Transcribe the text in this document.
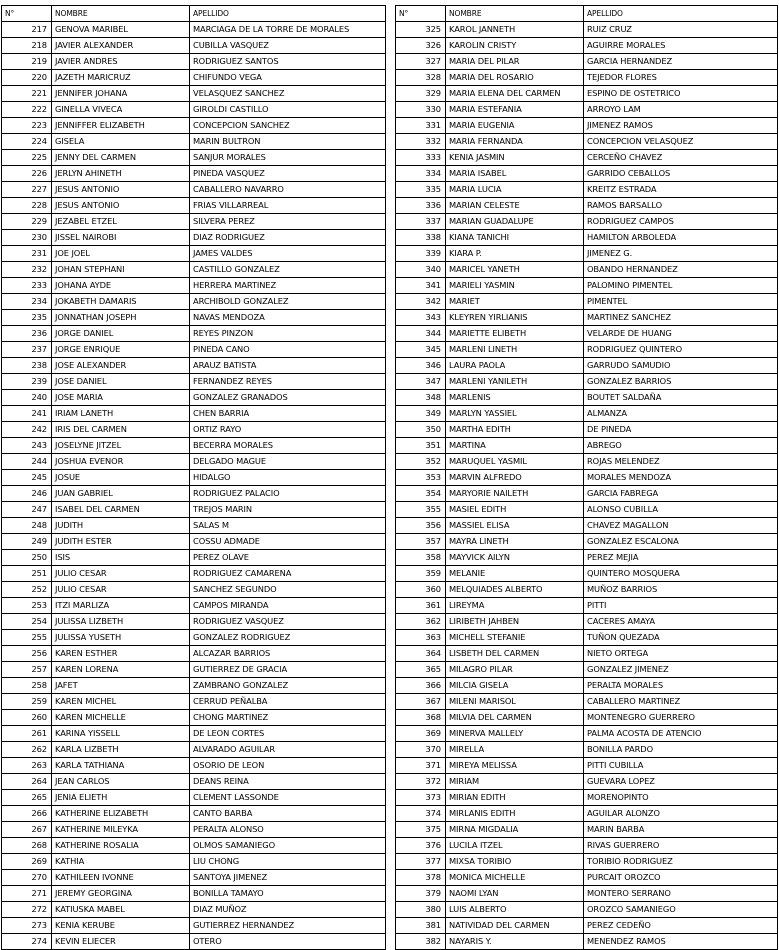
N°	NOMBRE	APELLIDO
217	GENOVA MARIBEL	MARCIAGA DE LA TORRE DE MORALES
218	JAVIER ALEXANDER	CUBILLA VASQUEZ
219	JAVIER ANDRES	RODRIGUEZ SANTOS
220	JAZETH MARICRUZ	CHIFUNDO VEGA
221	JENNIFER JOHANA	VELASQUEZ SANCHEZ
222	GINELLA VIVECA	GIROLDI CASTILLO
223	JENNIFFER ELIZABETH	CONCEPCION SANCHEZ
224	GISELA	MARIN BULTRON
225	JENNY DEL CARMEN	SANJUR MORALES
226	JERLYN AHINETH	PINEDA VASQUEZ
227	JESUS ANTONIO	CABALLERO NAVARRO
228	JESUS ANTONIO	FRIAS VILLARREAL
229	JEZABEL ETZEL	SILVERA PEREZ
230	JISSEL NAIROBI	DIAZ RODRIGUEZ
231	JOE JOEL	JAMES VALDES
232	JOHAN STEPHANI	CASTILLO GONZALEZ
233	JOHANA AYDE	HERRERA MARTINEZ
234	JOKABETH DAMARIS	ARCHIBOLD GONZALEZ
235	JONNATHAN JOSEPH	NAVAS MENDOZA
236	JORGE DANIEL	REYES PINZON
237	JORGE ENRIQUE	PINEDA CANO
238	JOSE ALEXANDER	ARAUZ BATISTA
239	JOSE DANIEL	FERNANDEZ REYES
240	JOSE MARIA	GONZALEZ GRANADOS
241	IRIAM LANETH	CHEN BARRIA
242	IRIS DEL CARMEN	ORTIZ RAYO
243	JOSELYNE JITZEL	BECERRA MORALES
244	JOSHUA EVENOR	DELGADO MAGUE
245	JOSUE	HIDALGO
246	JUAN GABRIEL	RODRIGUEZ PALACIO
247	ISABEL DEL CARMEN	TREJOS MARIN
248	JUDITH	SALAS M
249	JUDITH ESTER	COSSU ADMADE
250	ISIS	PEREZ OLAVE
251	JULIO CESAR	RODRIGUEZ CAMARENA
252	JULIO CESAR	SANCHEZ SEGUNDO
253	ITZI MARLIZA	CAMPOS MIRANDA
254	JULISSA LIZBETH	RODRIGUEZ VASQUEZ
255	JULISSA YUSETH	GONZALEZ RODRIGUEZ
256	KAREN ESTHER	ALCAZAR BARRIOS
257	KAREN LORENA	GUTIERREZ DE GRACIA
258	JAFET	ZAMBRANO GONZALEZ
259	KAREN MICHEL	CERRUD PEÑALBA
260	KAREN MICHELLE	CHONG MARTINEZ
261	KARINA YISSELL	DE LEON CORTES
262	KARLA LIZBETH	ALVARADO AGUILAR
263	KARLA TATHIANA	OSORIO DE LEON
264	JEAN CARLOS	DEANS REINA
265	JENIA ELIETH	CLEMENT LASSONDE
266	KATHERINE ELIZABETH	CANTO BARBA
267	KATHERINE MILEYKA	PERALTA ALONSO
268	KATHERINE ROSALIA	OLMOS SAMANIEGO
269	KATHIA	LIU CHONG
270	KATHILEEN IVONNE	SANTOYA JIMENEZ
271	JEREMY GEORGINA	BONILLA TAMAYO
272	KATIUSKA MABEL	DIAZ MUÑOZ
273	KENIA KERUBE	GUTIERREZ HERNANDEZ
274	KEVIN ELIECER	OTERO
N°	NOMBRE	APELLIDO
325	KAROL JANNETH	RUIZ CRUZ
326	KAROLIN CRISTY	AGUIRRE MORALES
327	MARIA DEL PILAR	GARCIA HERNANDEZ
328	MARIA DEL ROSARIO	TEJEDOR FLORES
329	MARIA ELENA DEL CARMEN	ESPINO DE OSTETRICO
330	MARIA ESTEFANIA	ARROYO LAM
331	MARIA EUGENIA	JIMENEZ RAMOS
332	MARIA FERNANDA	CONCEPCION VELASQUEZ
333	KENIA JASMIN	CERCEÑO CHAVEZ
334	MARIA ISABEL	GARRIDO CEBALLOS
335	MARIA LUCIA	KREITZ ESTRADA
336	MARIAN CELESTE	RAMOS BARSALLO
337	MARIAN GUADALUPE	RODRIGUEZ CAMPOS
338	KIANA TANICHI	HAMILTON ARBOLEDA
339	KIARA P.	JIMENEZ G.
340	MARICEL YANETH	OBANDO HERNANDEZ
341	MARIELI YASMIN	PALOMINO PIMENTEL
342	MARIET	PIMENTEL
343	KLEYREN YIRLIANIS	MARTINEZ SANCHEZ
344	MARIETTE ELIBETH	VELARDE DE HUANG
345	MARLENI LINETH	RODRIGUEZ QUINTERO
346	LAURA PAOLA	GARRUDO SAMUDIO
347	MARLENI YANILETH	GONZALEZ BARRIOS
348	MARLENIS	BOUTET SALDAÑA
349	MARLYN YASSIEL	ALMANZA
350	MARTHA EDITH	DE PINEDA
351	MARTINA	ABREGO
352	MARUQUEL YASMIL	ROJAS MELENDEZ
353	MARVIN ALFREDO	MORALES MENDOZA
354	MARYORIE NAILETH	GARCIA FABREGA
355	MASIEL EDITH	ALONSO CUBILLA
356	MASSIEL ELISA	CHAVEZ MAGALLON
357	MAYRA LINETH	GONZALEZ ESCALONA
358	MAYVICK AILYN	PEREZ MEJIA
359	MELANIE	QUINTERO MOSQUERA
360	MELQUIADES ALBERTO	MUÑOZ BARRIOS
361	LIREYMA	PITTI
362	LIRIBETH JAHBEN	CACERES AMAYA
363	MICHELL STEFANIE	TUÑON QUEZADA
364	LISBETH DEL CARMEN	NIETO ORTEGA
365	MILAGRO PILAR	GONZALEZ JIMENEZ
366	MILCIA GISELA	PERALTA MORALES
367	MILENI MARISOL	CABALLERO MARTINEZ
368	MILVIA DEL CARMEN	MONTENEGRO GUERRERO
369	MINERVA MALLELY	PALMA ACOSTA DE ATENCIO
370	MIRELLA	BONILLA PARDO
371	MIREYA MELISSA	PITTI CUBILLA
372	MIRIAM	GUEVARA LOPEZ
373	MIRIAN EDITH	MORENOPINTO
374	MIRLANIS EDITH	AGUILAR ALONZO
375	MIRNA MIGDALIA	MARIN BARBA
376	LUCILA ITZEL	RIVAS GUERRERO
377	MIXSA TORIBIO	TORIBIO RODRIGUEZ
378	MONICA MICHELLE	PURCAIT OROZCO
379	NAOMI LYAN	MONTERO SERRANO
380	LUIS ALBERTO	OROZCO SAMANIEGO
381	NATIVIDAD DEL CARMEN	PEREZ CEDEÑO
382	NAYARIS Y.	MENENDEZ RAMOS
